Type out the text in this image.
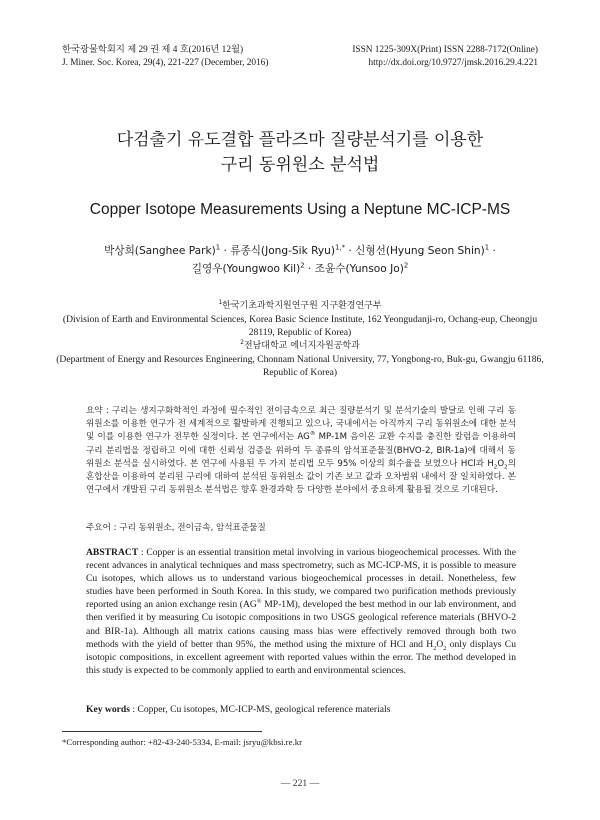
한국광물학회지 제 29 권 제 4 호(2016년 12월)
J. Miner. Soc. Korea, 29(4), 221-227 (December, 2016)
ISSN 1225-309X(Print) ISSN 2288-7172(Online)
http://dx.doi.org/10.9727/jmsk.2016.29.4.221
다검출기 유도결합 플라즈마 질량분석기를 이용한
구리 동위원소 분석법
Copper Isotope Measurements Using a Neptune MC-ICP-MS
박상희(Sanghee Park)$^1$ · 류종식(Jong-Sik Ryu)$^{1,*}$ · 신형선(Hyung Seon Shin)$^1$ ·
길영우(Youngwoo Kil)$^2$ · 조윤수(Yunsoo Jo)$^2$
$^1$한국기초과학지원연구원 지구환경연구부
(Division of Earth and Environmental Sciences, Korea Basic Science Institute, 162 Yeongudanji-ro, Ochang-eup, Cheongju 28119, Republic of Korea)
$^2$전남대학교 에너지자원공학과
(Department of Energy and Resources Engineering, Chonnam National University, 77, Yongbong-ro, Buk-gu, Gwangju 61186, Republic of Korea)
요약 : 구리는 생지구화학적인 과정에 필수적인 전이금속으로 최근 질량분석기 및 분석기술의 발달로 인해 구리 동위원소를 이용한 연구가 전 세계적으로 활발하게 진행되고 있으나, 국내에서는 아직까지 구리 동위원소에 대한 분석 및 이를 이용한 연구가 전무한 실정이다. 본 연구에서는 AG® MP-1M 음이온 교환 수지를 충진한 칼럼을 이용하여 구리 분리법을 정립하고 이에 대한 신뢰성 검증을 위하여 두 종류의 암석표준물질(BHVO-2, BIR-1a)에 대해서 동위원소 분석을 실시하였다. 본 연구에 사용된 두 가지 분리법 모두 95% 이상의 회수율을 보였으나 HCl과 $H_2O_2$의 혼합산을 이용하여 분리된 구리에 대하여 분석된 동위원소 값이 기존 보고 값과 오차범위 내에서 잘 일치하였다. 본 연구에서 개발된 구리 동위원소 분석법은 향후 환경과학 등 다양한 분야에서 중요하게 활용될 것으로 기대된다.
주요어 : 구리 동위원소, 전이금속, 암석표준물질
ABSTRACT : Copper is an essential transition metal involving in various biogeochemical processes. With the recent advances in analytical techniques and mass spectrometry, such as MC-ICP-MS, it is possible to measure Cu isotopes, which allows us to understand various biogeochemical processes in detail. Nonetheless, few studies have been performed in South Korea. In this study, we compared two purification methods previously reported using an anion exchange resin (AG® MP-1M), developed the best method in our lab environment, and then verified it by measuring Cu isotopic compositions in two USGS geological reference materials (BHVO-2 and BIR-1a). Although all matrix cations causing mass bias were effectively removed through both two methods with the yield of better than 95%, the method using the mixture of HCl and $H_2O_2$ only displays Cu isotopic compositions, in excellent agreement with reported values within the error. The method developed in this study is expected to be commonly applied to earth and environmental sciences.
Key words : Copper, Cu isotopes, MC-ICP-MS, geological reference materials
*Corresponding author: +82-43-240-5334, E-mail: jsryu@kbsi.re.kr
― 221 ―
